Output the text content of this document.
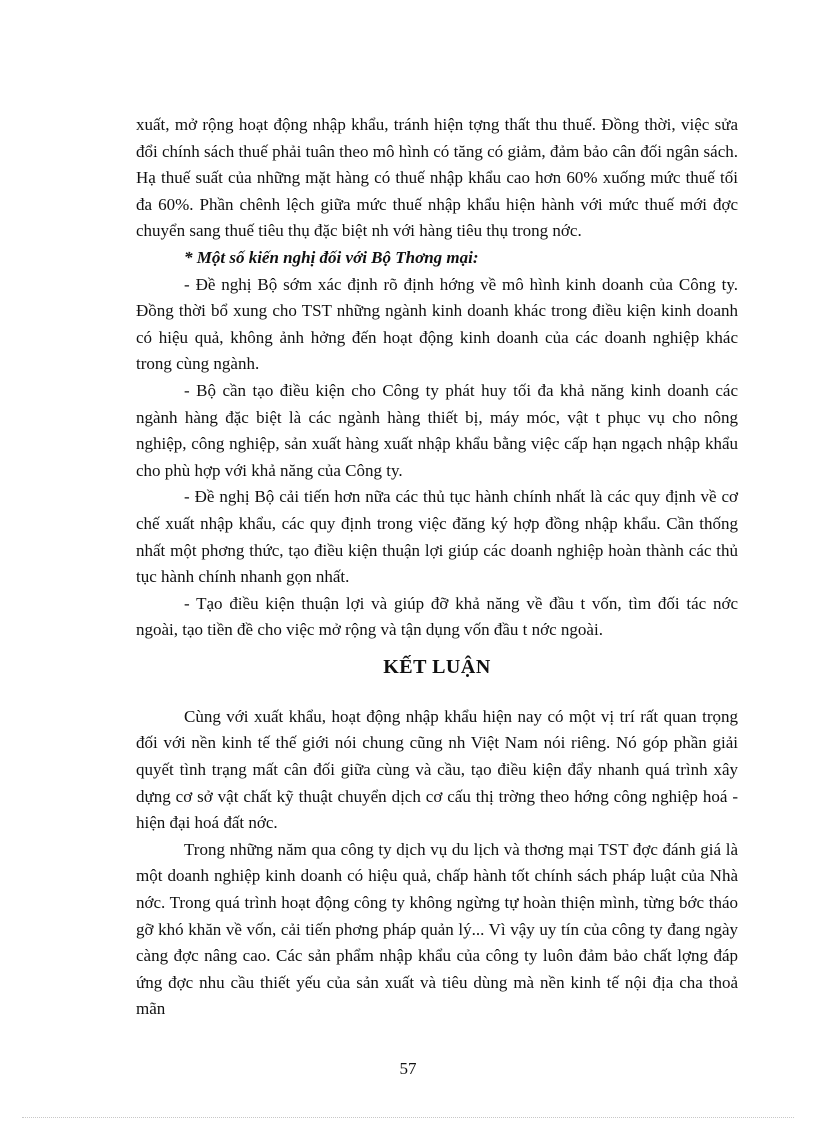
xuất, mở rộng hoạt động nhập khẩu, tránh hiện tợng thất thu thuế. Đồng thời, việc sửa đổi chính sách thuế phải tuân theo mô hình có tăng có giảm, đảm bảo cân đối ngân sách. Hạ thuế suất của những mặt hàng có thuế nhập khẩu cao hơn 60% xuống mức thuế tối đa 60%. Phần chênh lệch giữa mức thuế nhập khẩu hiện hành với mức thuế mới đợc chuyển sang thuế tiêu thụ đặc biệt nh với hàng tiêu thụ trong nớc.

* Một số kiến nghị đối với Bộ Thơng mại:

- Đề nghị Bộ sớm xác định rõ định hớng về mô hình kinh doanh của Công ty. Đồng thời bổ xung cho TST những ngành kinh doanh khác trong điều kiện kinh doanh có hiệu quả, không ảnh hởng đến hoạt động kinh doanh của các doanh nghiệp khác trong cùng ngành.

- Bộ cần tạo điều kiện cho Công ty phát huy tối đa khả năng kinh doanh các ngành hàng đặc biệt là các ngành hàng thiết bị, máy móc, vật t phục vụ cho nông nghiệp, công nghiệp, sản xuất hàng xuất nhập khẩu bằng việc cấp hạn ngạch nhập khẩu cho phù hợp với khả năng của Công ty.

- Đề nghị Bộ cải tiến hơn nữa các thủ tục hành chính nhất là các quy định về cơ chế xuất nhập khẩu, các quy định trong việc đăng ký hợp đồng nhập khẩu. Cần thống nhất một phơng thức, tạo điều kiện thuận lợi giúp các doanh nghiệp hoàn thành các thủ tục hành chính nhanh gọn nhất.

- Tạo điều kiện thuận lợi và giúp đỡ khả năng về đầu t vốn, tìm đối tác nớc ngoài, tạo tiền đề cho việc mở rộng và tận dụng vốn đầu t nớc ngoài.

KẾT LUẬN

Cùng với xuất khẩu, hoạt động nhập khẩu hiện nay có một vị trí rất quan trọng đối với nền kinh tế thế giới nói chung cũng nh Việt Nam nói riêng. Nó góp phần giải quyết tình trạng mất cân đối giữa cùng và cầu, tạo điều kiện đẩy nhanh quá trình xây dựng cơ sở vật chất kỹ thuật chuyển dịch cơ cấu thị trờng theo hớng công nghiệp hoá - hiện đại hoá đất nớc.

Trong những năm qua công ty dịch vụ du lịch và thơng mại TST đợc đánh giá là một doanh nghiệp kinh doanh có hiệu quả, chấp hành tốt chính sách pháp luật của Nhà nớc. Trong quá trình hoạt động công ty không ngừng tự hoàn thiện mình, từng bớc tháo gỡ khó khăn về vốn, cải tiến phơng pháp quản lý... Vì vậy uy tín của công ty đang ngày càng đợc nâng cao. Các sản phẩm nhập khẩu của công ty luôn đảm bảo chất lợng đáp ứng đợc nhu cầu thiết yếu của sản xuất và tiêu dùng mà nền kinh tế nội địa cha thoả mãn

57
